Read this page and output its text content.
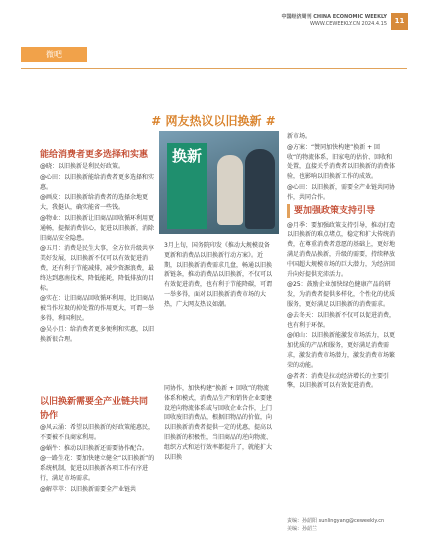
中国经济周刊 CHINA ECONOMIC WEEKLY
WWW.CEWEEKLY.CN 2024.4.15	11
微吧
# 网友热议以旧换新 #
换新
能给消费者更多选择和实惠

@晓：以旧换新是利民好政策。

@心田：以旧换新能给消费者更多选择和实惠。

@画皮：以旧换新给消费者的选择余地更大，我挺认，确实能省一些钱。

@物业：以旧换新让旧商品回收循环利用更通畅，提振消费信心，促进以旧换新，消除旧商品安全隐患。

@五月：消费是民生大事，全方位升级共享美好发展，以旧换新不仅可以有效促进消费，还有利于节能减排，减少资源浪费，最终达到惠南技术，降低能耗，降低排放的目标。

@实在：让旧商品回收循环利用，比旧商品被当作垃圾的掉处置的作用更大，可谓一举多得，利国利民。

@吴小且：给消费者更多便利和实惠，以旧换新很合理。

以旧换新需要全产业链共同协作

@风云涌：希望以旧换新的好政策能惠民，不要被不良商家利用。

@蜗牛：推动以旧换新还需要协作配合。

@一路生花：要加快建立健全“以旧换新”的系统机制，促进以旧换新各项工作有序进行，满足市场需求。

@解萃萃：以旧换新需要全产业链共

3月上旬，国务院印发《推动大规模设备更新和消费品以旧换新行动方案》。近期，以旧换新消费需求几盘，畅通以旧换新链条，推动消费品以旧换新，不仅可以有效促进消费，也有利于节能降碳，可谓一举多得，面对以旧换新消费市场的大热，广大网友热议如潮。

同协作，加快构建“换新 + 回收”的物流体系和模式，消费品生产和销售企业要建设逆向物流体系或与回收企业合作，上门回收废旧消费品，根据旧物品的价值，向以旧换新消费者提供一定的优惠，提高以旧换新的积极性，当旧商品的逆向物流、组织方式和运行效率都提升了，就能扩大以旧换

新市场。

@方案：“赞同加快构建”换新 + 回收“的物流体系，旧家电的估价、回收和处置，直接关乎消费者以旧换新的消费体验，也影响以旧换新工作的成效。

@心田：以旧换新，需要全产业链共同协作，共同合作。

要加强政策支持引导

@月季：要加强政策支持引导，推动打造以旧换新的难点堵点，稳定和扩大传统消费，在尊重消费者意愿的基础上，更好地满足消费品换新，升级的需要，持续释放中国超大规模市场的巨大潜力，为经济回升向好提供充沛活力。

@25：鼓励企业加快绿色健康产品的研发，为消费者提供多样化，个性化的优质服务，更好满足以旧换新的消费需求。

@去冬天：以旧换新不仅可以促进消费，也有利于环保。

@闻山：以旧换新能激发市场活力，以更加优质的产品和服务，更好满足消费需求，激发消费市场潜力，激发消费市场繁荣的动能。

@者者：消费是拉动经济增长的主要引擎，以旧换新可以有效促进消费。

责编：孙韶阳 sunlingyang@ceweekly.cn
美编：孙韶兰
